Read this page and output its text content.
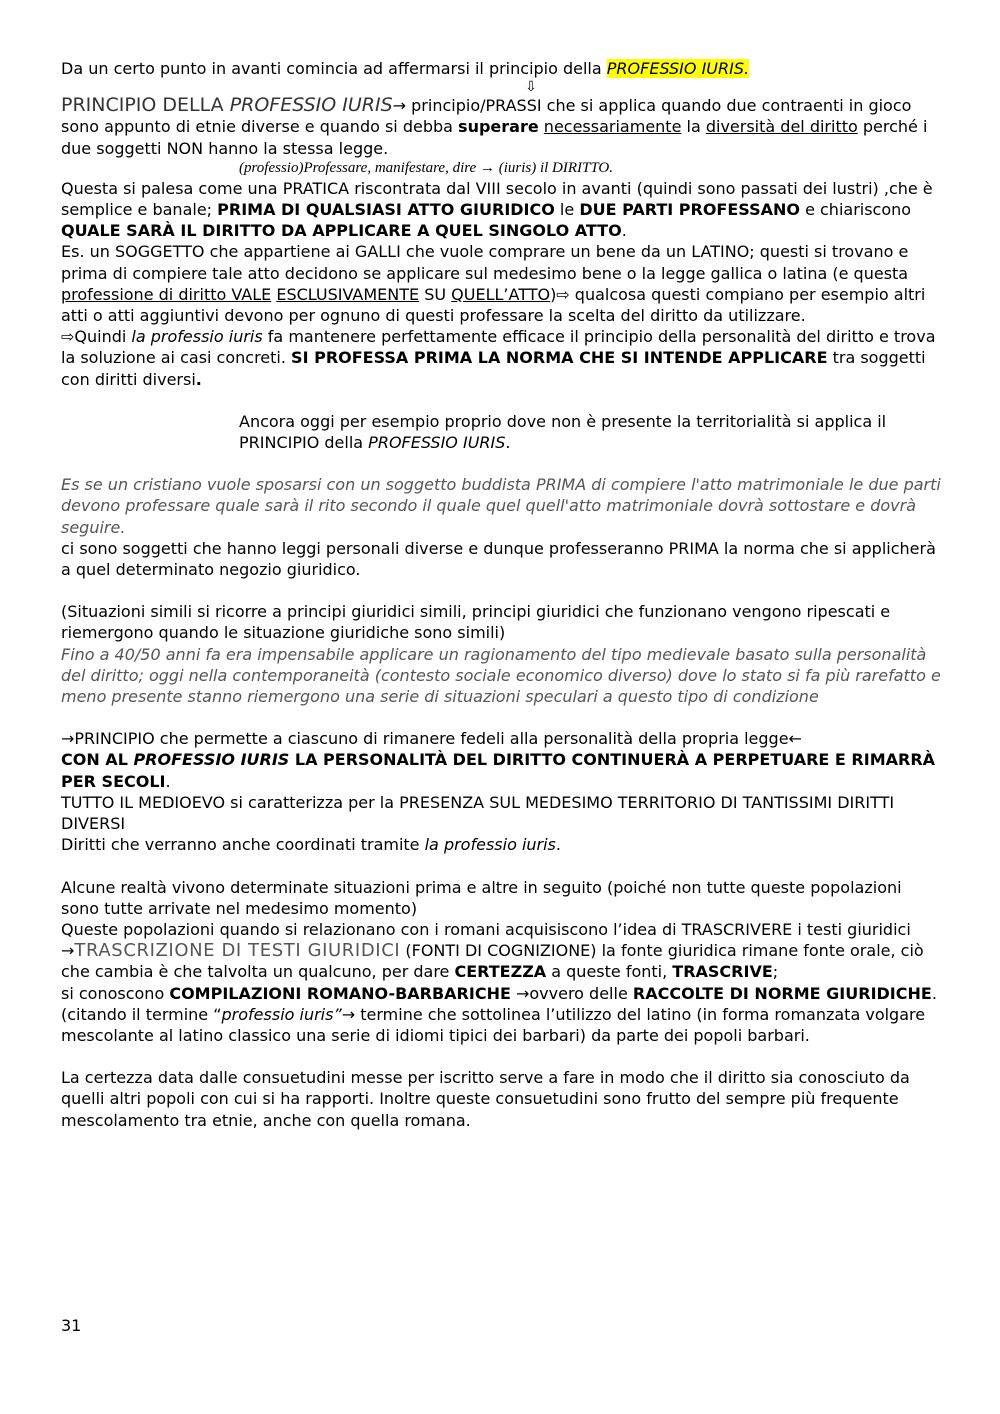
Da un certo punto in avanti comincia ad affermarsi il principio della PROFESSIO IURIS.

⇩

PRINCIPIO DELLA PROFESSIO IURIS→ principio/PRASSI che si applica quando due contraenti in gioco sono appunto di etnie diverse e quando si debba superare necessariamente la diversità del diritto perché i due soggetti NON hanno la stessa legge.

(professio)Professare, manifestare, dire → (iuris) il DIRITTO.

Questa si palesa come una PRATICA riscontrata dal VIII secolo in avanti (quindi sono passati dei lustri) ,che è semplice e banale; PRIMA DI QUALSIASI ATTO GIURIDICO le DUE PARTI PROFESSANO e chiariscono QUALE SARÀ IL DIRITTO DA APPLICARE A QUEL SINGOLO ATTO.

Es. un SOGGETTO che appartiene ai GALLI che vuole comprare un bene da un LATINO; questi si trovano e prima di compiere tale atto decidono se applicare sul medesimo bene o la legge gallica o latina (e questa professione di diritto VALE ESCLUSIVAMENTE SU QUELL’ATTO)⇨ qualcosa questi compiano per esempio altri atti o atti aggiuntivi devono per ognuno di questi professare la scelta del diritto da utilizzare.

⇨Quindi la professio iuris fa mantenere perfettamente efficace il principio della personalità del diritto e trova la soluzione ai casi concreti. SI PROFESSA PRIMA LA NORMA CHE SI INTENDE APPLICARE tra soggetti con diritti diversi.

Ancora oggi per esempio proprio dove non è presente la territorialità si applica il PRINCIPIO della PROFESSIO IURIS.

Es se un cristiano vuole sposarsi con un soggetto buddista PRIMA di compiere l'atto matrimoniale le due parti devono professare quale sarà il rito secondo il quale quel quell'atto matrimoniale dovrà sottostare e dovrà seguire.

ci sono soggetti che hanno leggi personali diverse e dunque professeranno PRIMA la norma che si applicherà a quel determinato negozio giuridico.

(Situazioni simili si ricorre a principi giuridici simili, principi giuridici che funzionano vengono ripescati e riemergono quando le situazione giuridiche sono simili)

Fino a 40/50 anni fa era impensabile applicare un ragionamento del tipo medievale basato sulla personalità del diritto; oggi nella contemporaneità (contesto sociale economico diverso) dove lo stato si fa più rarefatto e meno presente stanno riemergono una serie di situazioni speculari a questo tipo di condizione

→PRINCIPIO che permette a ciascuno di rimanere fedeli alla personalità della propria legge←

CON AL PROFESSIO IURIS LA PERSONALITÀ DEL DIRITTO CONTINUERÀ A PERPETUARE E RIMARRÀ PER SECOLI.

TUTTO IL MEDIOEVO si caratterizza per la PRESENZA SUL MEDESIMO TERRITORIO DI TANTISSIMI DIRITTI DIVERSI

Diritti che verranno anche coordinati tramite la professio iuris.

Alcune realtà vivono determinate situazioni prima e altre in seguito (poiché non tutte queste popolazioni sono tutte arrivate nel medesimo momento)

Queste popolazioni quando si relazionano con i romani acquisiscono l’idea di TRASCRIVERE i testi giuridici

→TRASCRIZIONE DI TESTI GIURIDICI (FONTI DI COGNIZIONE) la fonte giuridica rimane fonte orale, ciò che cambia è che talvolta un qualcuno, per dare CERTEZZA a queste fonti, TRASCRIVE;

si conoscono COMPILAZIONI ROMANO-BARBARICHE →ovvero delle RACCOLTE DI NORME GIURIDICHE.

(citando il termine “professio iuris”→ termine che sottolinea l’utilizzo del latino (in forma romanzata volgare mescolante al latino classico una serie di idiomi tipici dei barbari) da parte dei popoli barbari.

La certezza data dalle consuetudini messe per iscritto serve a fare in modo che il diritto sia conosciuto da quelli altri popoli con cui si ha rapporti. Inoltre queste consuetudini sono frutto del sempre più frequente mescolamento tra etnie, anche con quella romana.

31
